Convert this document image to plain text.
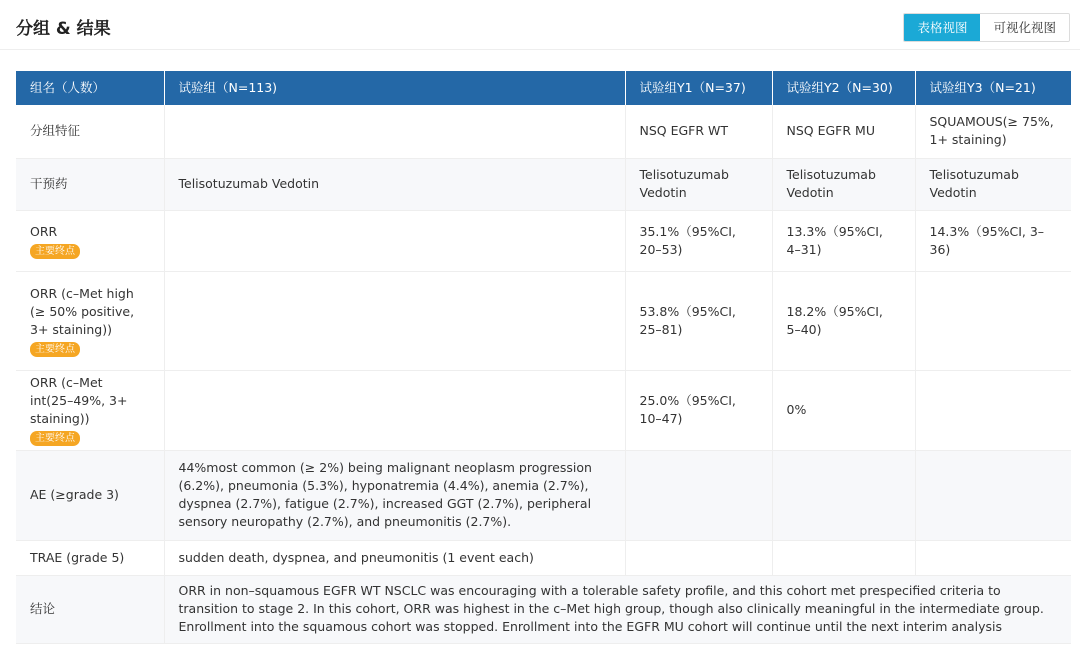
分组 & 结果	表格视图	可视化视图
组名（人数）	试验组（N=113)	试验组Y1（N=37)	试验组Y2（N=30)	试验组Y3（N=21)
分组特征		NSQ EGFR WT	NSQ EGFR MU	SQUAMOUS(≥ 75%, 1+ staining)
干预药	Telisotuzumab Vedotin	Telisotuzumab Vedotin	Telisotuzumab Vedotin	Telisotuzumab Vedotin

ORR
主要终点		35.1%（95%CI, 20–53)	13.3%（95%CI, 4–31)	14.3%（95%CI, 3–36)

ORR (c–Met high (≥ 50% positive, 3+ staining))
主要终点		53.8%（95%CI, 25–81)	18.2%（95%CI, 5–40)	

ORR (c–Met int(25–49%, 3+ staining))
主要终点		25.0%（95%CI, 10–47)	0%	
AE (≥grade 3)	44%most common (≥ 2%) being malignant neoplasm progression (6.2%), pneumonia (5.3%), hyponatremia (4.4%), anemia (2.7%), dyspnea (2.7%), fatigue (2.7%), increased GGT (2.7%), peripheral sensory neuropathy (2.7%), and pneumonitis (2.7%).			
TRAE (grade 5)	sudden death, dyspnea, and pneumonitis (1 event each)			
结论	ORR in non–squamous EGFR WT NSCLC was encouraging with a tolerable safety profile, and this cohort met prespecified criteria to transition to stage 2. In this cohort, ORR was highest in the c–Met high group, though also clinically meaningful in the intermediate group. Enrollment into the squamous cohort was stopped. Enrollment into the EGFR MU cohort will continue until the next interim analysis			
